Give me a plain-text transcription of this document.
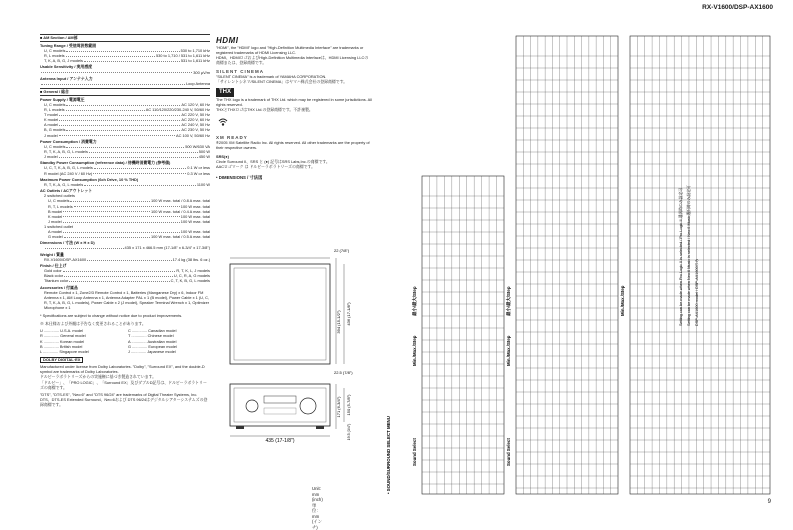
RX-V1600/DSP-AX1600
■ AM Section / AM部
Tuning Range / 受信周波数範囲
U, C models	530 to 1,710 kHz
R, L models	530 to 1,710 / 531 to 1,611 kHz
T, K, A, B, G, J models	531 to 1,611 kHz
Usable Sensitivity / 実用感度
300 μV/m
Antenna Input / アンテナ入力
Loop Antenna
■ General / 総合
Power Supply / 電源電圧
U, C models	AC 120 V, 60 Hz
R, L models	AC 110/120/220/230-240 V, 50/60 Hz
T model	AC 220 V, 50 Hz
K model	AC 220 V, 60 Hz
A model	AC 240 V, 50 Hz
B, G models	AC 230 V, 50 Hz
J model	AC 100 V, 50/60 Hz
Power Consumption / 消費電力
U, C models	500 W/630 VA
R, T, K, A, B, G, L models	500 W
J model	450 W
Standby Power Consumption (reference data) / 待機時消費電力 (参考値)
U, C, T, K, A, B, G, L models	0.1 W or less
R model (AC 240 V / 60 Hz)	0.3 W or less
Maximum Power Consumption (6ch Drive, 10 % THD)
R, T, K, A, G, L models	1100 W
AC Outlets / ACアウトレット
2 switched outlets
U, C models	100 W max. total / 0.8 A max. total
R, T, L models	100 W max. total
B model	100 W max. total / 0.4 A max. total
K model	100 W max. total
J model	100 W max. total
1 switched outlet
A model	100 W max. total
G model	100 W max. total / 0.5 A max. total
Dimensions / 寸法 (W x H x D)
435 x 171 x 466.5 mm (17-1/8" x 6-3/4" x 17-3/8")
Weight / 質量
RX-V1600/DSP-AX1600	17.4 kg (38 lbs. 6 oz.)
Finish / 仕上げ
Gold color	R, T, K, L, J models
Black color	U, C, R, A, G models
Titanium color	C, T, K, B, G, L models
Accessories / 付属品
Remote Control x 1, Zone2/3 Remote Control x 1, Batteries (Manganese Dry) x 6, Indoor FM Antenna x 1, AM Loop Antenna x 1, Antenna Adapter PAL x 1 (B model), Power Cable x 1 (U, C, R, T, K, A, B, G, L models), Power Cable x 2 (J model), Speaker Terminal Wrench x 1, Optimizer Microphone x 1
* Specifications are subject to change without notice due to product improvements.
※ 本仕様および外観は予告なく変更されることがあります。
U .............. U.S.A. model	C .............. Canadian model
R .............. General model	T .............. Chinese model
K .............. Korean model	A .............. Australian model
B .............. British model	G .............. European model
L .............. Singapore model	J .............. Japanese model
DOLBY DIGITAL·EX
Manufactured under license from Dolby Laboratories. "Dolby", "Surround EX", and the double-D symbol are trademarks of Dolby Laboratories.
ドルビーラボラトリーズからの実施権に基づき製造されています。
「ドルビー」、「PRO LOGIC」、「Surround EX」及びダブルD記号は、ドルビーラボラトリーズの商標です。
"DTS", "DTS-ES", "Neo:6" and "DTS 96/24" are trademarks of Digital Theater Systems, Inc.
DTS、DTS-ES Extended Surround、Neo:6および DTS 96/24はデジタルシアターシステムズの登録商標です。
HDMI
"HDMI", the "HDMI" logo and "High-Definition Multimedia Interface" are trademarks or registered trademarks of HDMI Licensing LLC.
HDMI、HDMIロゴおよびHigh-Definition Multimedia Interfaceは、HDMI Licensing LLCの商標または、登録商標です。
SILENT CINEMA
"SILENT CINEMA" is a trademark of YAMAHA CORPORATION.
「サイレントシネマ/SILENT CINEMA」はヤマハ株式会社の登録商標です。
THX
The THX logo is a trademark of THX Ltd. which may be registered in some jurisdictions. All rights reserved.
THXとTHXロゴはTHX Ltd.の登録商標です。不許複製。
XM READY
®2005 XM Satellite Radio Inc. All rights reserved. All other trademarks are the property of their respective owners.
SRS(●)
Circle Surround II、SRS と (●) 記号はSRS Labs,Inc.の商標です。
AACロゴマーク は ドルビーラボラトリーズの商標です。
• DIMENSIONS / 寸法図
435 (17-1/8")
22 (7/8")
394 (15-1/2") 436 (17-1/8")
171 (6-3/4") 150 (5-7/8")
22.5 (7/8")
19.5 (3/4")
Unit: mm (inch)
単位：mm (インチ)
• SOUND/SURROUND SELECT MENU	Sound Select
Min./Max./Step
最小/最大/Step
Sound Select
Min./Max./Step
最小/最大/Step	Min./Max./Step	Setting can be made when Pro Logic II is selected / Pro Logic II 選択時のみ設定可 Setting can be made when Neo:6 Music is selected / Neo:6 Music選択時のみ設定可 DSP-AX1600 model / DSP-AX1600のみ
9
